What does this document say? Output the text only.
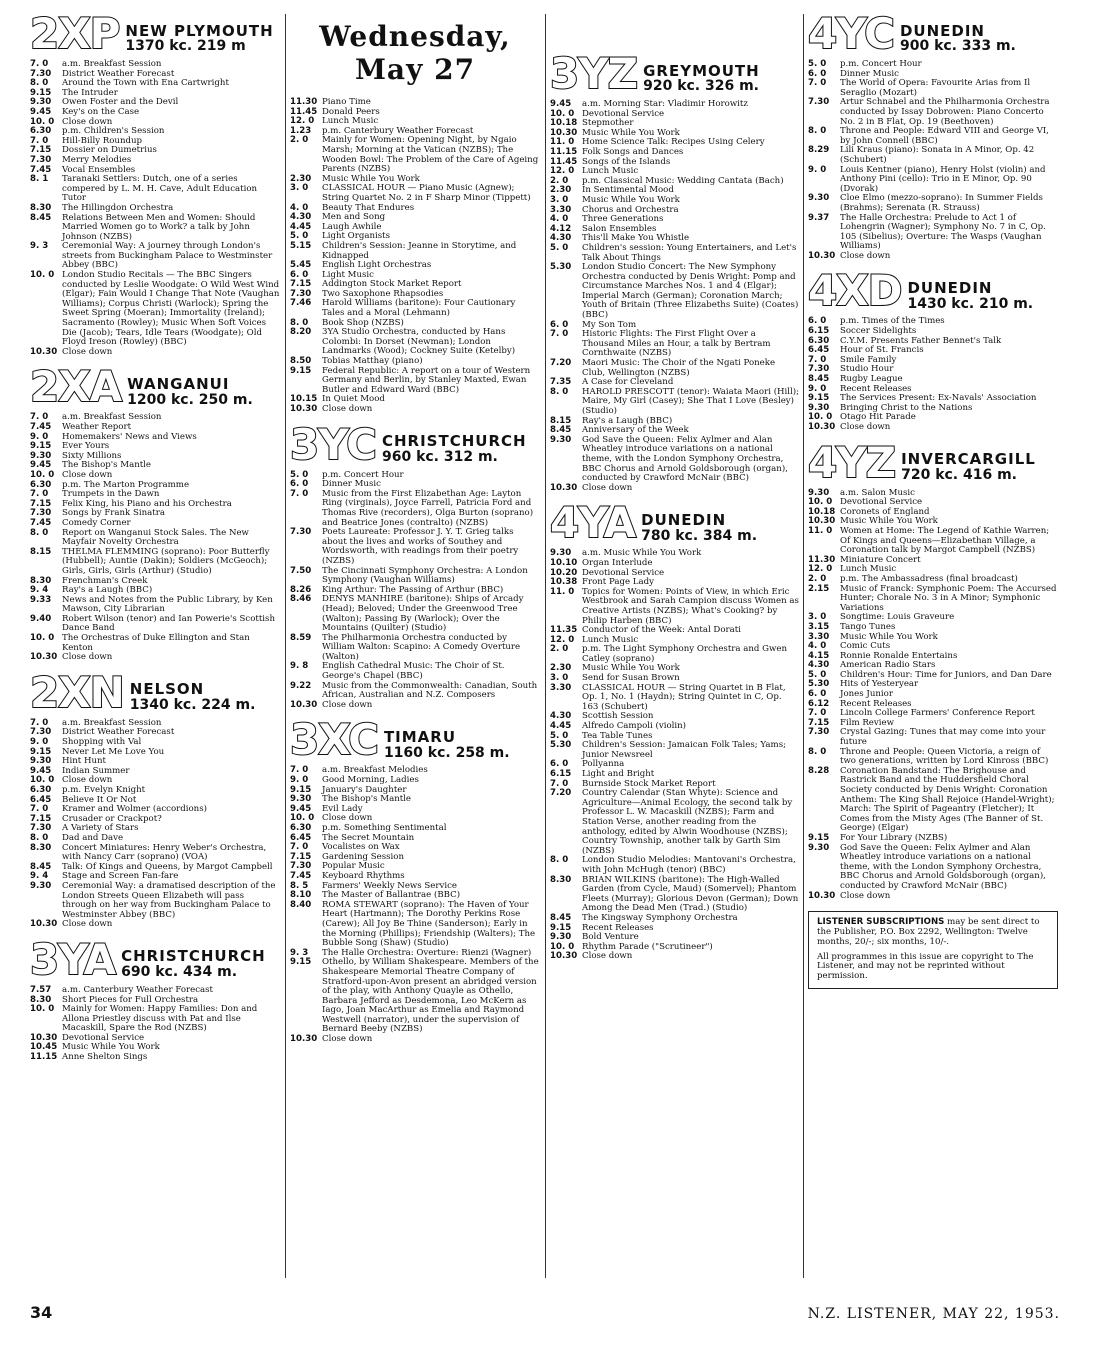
2XP NEW PLYMOUTH
1370 kc. 219 m
7. 0	a.m. Breakfast Session
7.30	District Weather Forecast
8. 0	Around the Town with Ena Cartwright
9.15	The Intruder
9.30	Owen Foster and the Devil
9.45	Key's on the Case
10. 0 Close down
6.30	p.m. Children's Session
7. 0	Hill-Billy Roundup
7.15	Dossier on Dumetrius
7.30	Merry Melodies
7.45	Vocal Ensembles
8. 1	Taranaki Settlers: Dutch, one of a series compered by L. M. H. Cave, Adult Education Tutor
8.30	The Hillingdon Orchestra
8.45	Relations Between Men and Women: Should Married Women go to Work? a talk by John Johnson (NZBS)
9. 3	Ceremonial Way: A journey through London's streets from Buckingham Palace to Westminster Abbey (BBC)
10. 0 London Studio Recitals — The BBC Singers conducted by Leslie Woodgate: O Wild West Wind (Elgar); Fain Would I Change That Note (Vaughan Williams); Corpus Christi (Warlock); Spring the Sweet Spring (Moeran); Immortality (Ireland); Sacramento (Rowley); Music When Soft Voices Die (Jacob); Tears, Idle Tears (Woodgate); Old Floyd Ireson (Rowley) (BBC)
10.30 Close down
2XA WANGANUI
1200 kc. 250 m.
7. 0	a.m. Breakfast Session
7.45	Weather Report
9. 0	Homemakers' News and Views
9.15	Ever Yours
9.30	Sixty Millions
9.45	The Bishop's Mantle
10. 0 Close down
6.30	p.m. The Marton Programme
7. 0	Trumpets in the Dawn
7.15	Felix King, his Piano and his Orchestra
7.30	Songs by Frank Sinatra
7.45	Comedy Corner
8. 0	Report on Wanganui Stock Sales. The New Mayfair Novelty Orchestra
8.15	THELMA FLEMMING (soprano): Poor Butterfly (Hubbell); Auntie (Dakin); Soldiers (McGeoch); Girls, Girls, Girls (Arthur) (Studio)
8.30	Frenchman's Creek
9. 4	Ray's a Laugh (BBC)
9.33	News and Notes from the Public Library, by Ken Mawson, City Librarian
9.40	Robert Wilson (tenor) and Ian Powerie's Scottish Dance Band
10. 0 The Orchestras of Duke Ellington and Stan Kenton
10.30 Close down
2XN NELSON
1340 kc. 224 m.
7. 0	a.m. Breakfast Session
7.30	District Weather Forecast
9. 0	Shopping with Val
9.15	Never Let Me Love You
9.30	Hint Hunt
9.45	Indian Summer
10. 0 Close down
6.30	p.m. Evelyn Knight
6.45	Believe It Or Not
7. 0	Kramer and Wolmer (accordions)
7.15	Crusader or Crackpot?
7.30	A Variety of Stars
8. 0	Dad and Dave
8.30	Concert Miniatures: Henry Weber's Orchestra, with Nancy Carr (soprano) (VOA)
8.45	Talk: Of Kings and Queens, by Margot Campbell
9. 4	Stage and Screen Fan-fare
9.30	Ceremonial Way: a dramatised description of the London Streets Queen Elizabeth will pass through on her way from Buckingham Palace to Westminster Abbey (BBC)
10.30 Close down
3YA CHRISTCHURCH
690 kc. 434 m.
7.57	a.m. Canterbury Weather Forecast
8.30	Short Pieces for Full Orchestra
10. 0 Mainly for Women: Happy Families: Don and Allona Priestley discuss with Pat and Ilse Macaskill, Spare the Rod (NZBS)
10.30 Devotional Service
10.45 Music While You Work
11.15 Anne Shelton Sings
Wednesday, May 27
11.30 Piano Time
11.45 Donald Peers
12. 0 Lunch Music
1.23	p.m. Canterbury Weather Forecast
2. 0	Mainly for Women: Opening Night, by Ngaio Marsh; Morning at the Vatican (NZBS); The Wooden Bowl: The Problem of the Care of Ageing Parents (NZBS)
2.30	Music While You Work
3. 0	CLASSICAL HOUR — Piano Music (Agnew); String Quartet No. 2 in F Sharp Minor (Tippett)
4. 0	Beauty That Endures
4.30	Men and Song
4.45	Laugh Awhile
5. 0	Light Organists
5.15	Children's Session: Jeanne in Storytime, and Kidnapped
5.45	English Light Orchestras
6. 0	Light Music
7.15	Addington Stock Market Report
7.30	Two Saxophone Rhapsodies
7.46	Harold Williams (baritone): Four Cautionary Tales and a Moral (Lehmann)
8. 0	Book Shop (NZBS)
8.20	3YA Studio Orchestra, conducted by Hans Colombi: In Dorset (Newman); London Landmarks (Wood); Cockney Suite (Ketelby)
8.50	Tobias Matthay (piano)
9.15	Federal Republic: A report on a tour of Western Germany and Berlin, by Stanley Maxted, Ewan Butler and Edward Ward (BBC)
10.15 In Quiet Mood
10.30 Close down
3YC CHRISTCHURCH
960 kc. 312 m.
5. 0	p.m. Concert Hour
6. 0	Dinner Music
7. 0	Music from the First Elizabethan Age: Layton Ring (virginals), Joyce Farrell, Patricia Ford and Thomas Rive (recorders), Olga Burton (soprano) and Beatrice Jones (contralto) (NZBS)
7.30	Poets Laureate: Professor J. Y. T. Grieg talks about the lives and works of Southey and Wordsworth, with readings from their poetry (NZBS)
7.50	The Cincinnati Symphony Orchestra: A London Symphony (Vaughan Williams)
8.26	King Arthur: The Passing of Arthur (BBC)
8.46	DENYS MANHIRE (baritone): Ships of Arcady (Head); Beloved; Under the Greenwood Tree (Walton); Passing By (Warlock); Over the Mountains (Quilter) (Studio)
8.59	The Philharmonia Orchestra conducted by William Walton: Scapino: A Comedy Overture (Walton)
9. 8	English Cathedral Music: The Choir of St. George's Chapel (BBC)
9.22	Music from the Commonwealth: Canadian, South African, Australian and N.Z. Composers
10.30 Close down
3XC TIMARU
1160 kc. 258 m.
7. 0	a.m. Breakfast Melodies
9. 0	Good Morning, Ladies
9.15	January's Daughter
9.30	The Bishop's Mantle
9.45	Evil Lady
10. 0 Close down
6.30	p.m. Something Sentimental
6.45	The Secret Mountain
7. 0	Vocalistes on Wax
7.15	Gardening Session
7.30	Popular Music
7.45	Keyboard Rhythms
8. 5	Farmers' Weekly News Service
8.10	The Master of Ballantrae (BBC)
8.40	ROMA STEWART (soprano): The Haven of Your Heart (Hartmann); The Dorothy Perkins Rose (Carew); All Joy Be Thine (Sanderson); Early in the Morning (Phillips); Friendship (Walters); The Bubble Song (Shaw) (Studio)
9. 3	The Halle Orchestra: Overture: Rienzi (Wagner)
9.15	Othello, by William Shakespeare. Members of the Shakespeare Memorial Theatre Company of Stratford-upon-Avon present an abridged version of the play, with Anthony Quayle as Othello, Barbara Jefford as Desdemona, Leo McKern as Iago, Joan MacArthur as Emelia and Raymond Westwell (narrator), under the supervision of Bernard Beeby (NZBS)
10.30 Close down
3YZ GREYMOUTH
920 kc. 326 m.
9.45	a.m. Morning Star: Vladimir Horowitz
10. 0 Devotional Service
10.18 Stepmother
10.30 Music While You Work
11. 0 Home Science Talk: Recipes Using Celery
11.15 Folk Songs and Dances
11.45 Songs of the Islands
12. 0 Lunch Music
2. 0	p.m. Classical Music: Wedding Cantata (Bach)
2.30	In Sentimental Mood
3. 0	Music While You Work
3.30	Chorus and Orchestra
4. 0	Three Generations
4.12	Salon Ensembles
4.30	This'll Make You Whistle
5. 0	Children's session: Young Entertainers, and Let's Talk About Things
5.30	London Studio Concert: The New Symphony Orchestra conducted by Denis Wright: Pomp and Circumstance Marches Nos. 1 and 4 (Elgar); Imperial March (German); Coronation March; Youth of Britain (Three Elizabeths Suite) (Coates) (BBC)
6. 0	My Son Tom
7. 0	Historic Flights: The First Flight Over a Thousand Miles an Hour, a talk by Bertram Cornthwaite (NZBS)
7.20	Maori Music: The Choir of the Ngati Poneke Club, Wellington (NZBS)
7.35	A Case for Cleveland
8. 0	HAROLD PRESCOTT (tenor): Waiata Maori (Hill); Maire, My Girl (Casey); She That I Love (Besley) (Studio)
8.15	Ray's a Laugh (BBC)
8.45	Anniversary of the Week
9.30	God Save the Queen: Felix Aylmer and Alan Wheatley introduce variations on a national theme, with the London Symphony Orchestra, BBC Chorus and Arnold Goldsborough (organ), conducted by Crawford McNair (BBC)
10.30 Close down
4YA DUNEDIN
780 kc. 384 m.
9.30	a.m. Music While You Work
10.10 Organ Interlude
10.20 Devotional Service
10.38 Front Page Lady
11. 0 Topics for Women: Points of View, in which Eric Westbrook and Sarah Campion discuss Women as Creative Artists (NZBS); What's Cooking? by Philip Harben (BBC)
11.35 Conductor of the Week: Antal Dorati
12. 0 Lunch Music
2. 0	p.m. The Light Symphony Orchestra and Gwen Catley (soprano)
2.30	Music While You Work
3. 0	Send for Susan Brown
3.30	CLASSICAL HOUR — String Quartet in B Flat, Op. 1, No. 1 (Haydn); String Quintet in C, Op. 163 (Schubert)
4.30	Scottish Session
4.45	Alfredo Campoli (violin)
5. 0	Tea Table Tunes
5.30	Children's Session: Jamaican Folk Tales; Yams; Junior Newsreel
6. 0	Pollyanna
6.15	Light and Bright
7. 0	Burnside Stock Market Report
7.20	Country Calendar (Stan Whyte): Science and Agriculture—Animal Ecology, the second talk by Professor L. W. Macaskill (NZBS); Farm and Station Verse, another reading from the anthology, edited by Alwin Woodhouse (NZBS); Country Township, another talk by Garth Sim (NZBS)
8. 0	London Studio Melodies: Mantovani's Orchestra, with John McHugh (tenor) (BBC)
8.30	BRIAN WILKINS (baritone): The High-Walled Garden (from Cycle, Maud) (Somervel); Phantom Fleets (Murray); Glorious Devon (German); Down Among the Dead Men (Trad.) (Studio)
8.45	The Kingsway Symphony Orchestra
9.15	Recent Releases
9.30	Bold Venture
10. 0 Rhythm Parade ("Scrutineer")
10.30 Close down
4YC DUNEDIN
900 kc. 333 m.
5. 0	p.m. Concert Hour
6. 0	Dinner Music
7. 0	The World of Opera: Favourite Arias from Il Seraglio (Mozart)
7.30	Artur Schnabel and the Philharmonia Orchestra conducted by Issay Dobrowen: Piano Concerto No. 2 in B Flat, Op. 19 (Beethoven)
8. 0	Throne and People: Edward VIII and George VI, by John Connell (BBC)
8.29	Lili Kraus (piano): Sonata in A Minor, Op. 42 (Schubert)
9. 0	Louis Kentner (piano), Henry Holst (violin) and Anthony Pini (cello): Trio in E Minor, Op. 90 (Dvorak)
9.30	Cloe Elmo (mezzo-soprano): In Summer Fields (Brahms); Serenata (R. Strauss)
9.37	The Halle Orchestra: Prelude to Act 1 of Lohengrin (Wagner); Symphony No. 7 in C, Op. 105 (Sibelius); Overture: The Wasps (Vaughan Williams)
10.30 Close down
4XD DUNEDIN
1430 kc. 210 m.
6. 0	p.m. Times of the Times
6.15	Soccer Sidelights
6.30	C.Y.M. Presents Father Bennet's Talk
6.45	Hour of St. Francis
7. 0	Smile Family
7.30	Studio Hour
8.45	Rugby League
9. 0	Recent Releases
9.15	The Services Present: Ex-Navals' Association
9.30	Bringing Christ to the Nations
10. 0 Otago Hit Parade
10.30 Close down
4YZ INVERCARGILL
720 kc. 416 m.
9.30	a.m. Salon Music
10. 0 Devotional Service
10.18 Coronets of England
10.30 Music While You Work
11. 0 Women at Home: The Legend of Kathie Warren; Of Kings and Queens—Elizabethan Village, a Coronation talk by Margot Campbell (NZBS)
11.30 Miniature Concert
12. 0 Lunch Music
2. 0	p.m. The Ambassadress (final broadcast)
2.15	Music of Franck: Symphonic Poem: The Accursed Hunter; Chorale No. 3 in A Minor; Symphonic Variations
3. 0	Songtime: Louis Graveure
3.15	Tango Tunes
3.30	Music While You Work
4. 0	Comic Cuts
4.15	Ronnie Ronalde Entertains
4.30	American Radio Stars
5. 0	Children's Hour: Time for Juniors, and Dan Dare
5.30	Hits of Yesteryear
6. 0	Jones Junior
6.12	Recent Releases
7. 0	Lincoln College Farmers' Conference Report
7.15	Film Review
7.30	Crystal Gazing: Tunes that may come into your future
8. 0	Throne and People: Queen Victoria, a reign of two generations, written by Lord Kinross (BBC)
8.28	Coronation Bandstand: The Brighouse and Rastrick Band and the Huddersfield Choral Society conducted by Denis Wright: Coronation Anthem: The King Shall Rejoice (Handel-Wright); March: The Spirit of Pageantry (Fletcher); It Comes from the Misty Ages (The Banner of St. George) (Elgar)
9.15	For Your Library (NZBS)
9.30	God Save the Queen: Felix Aylmer and Alan Wheatley introduce variations on a national theme, with the London Symphony Orchestra, BBC Chorus and Arnold Goldsborough (organ), conducted by Crawford McNair (BBC)
10.30 Close down
LISTENER SUBSCRIPTIONS may be sent direct to the Publisher, P.O. Box 2292, Wellington: Twelve months, 20/-; six months, 10/-.
All programmes in this issue are copyright to The Listener, and may not be reprinted without permission.
34	N.Z. LISTENER, MAY 22, 1953.
